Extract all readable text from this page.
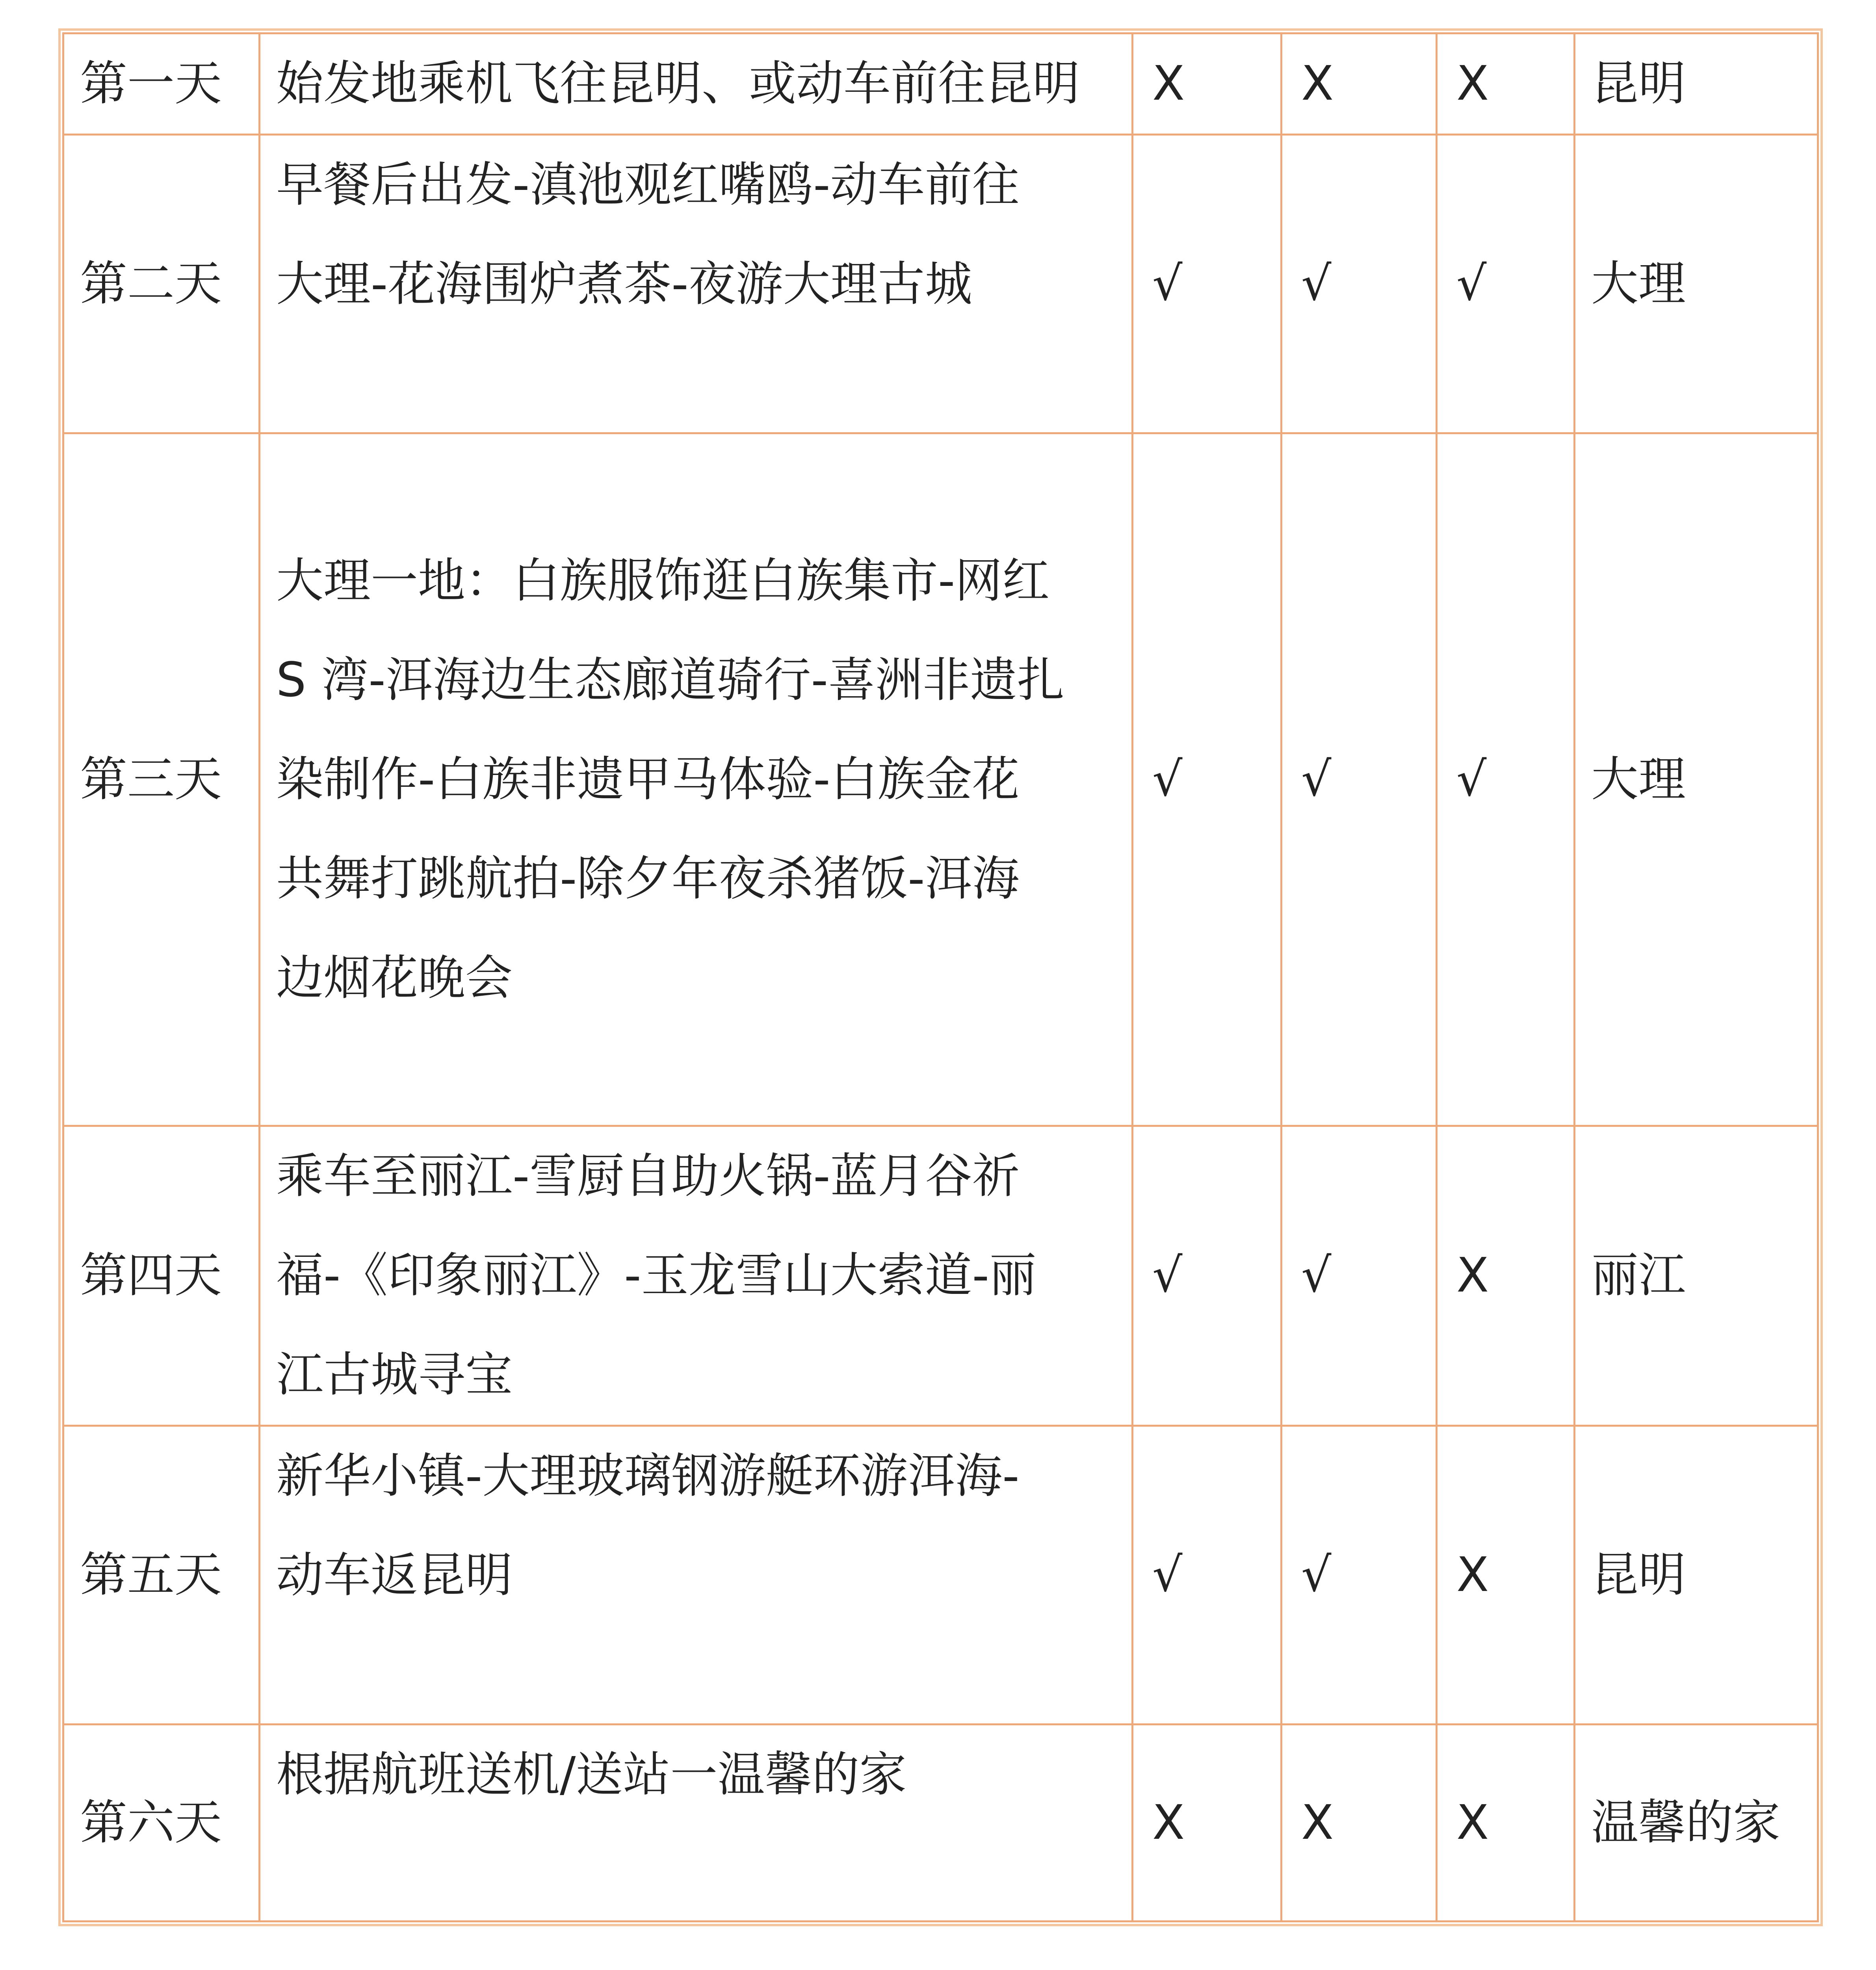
第一天	始发地乘机飞往昆明、或动车前往昆明	X	X	X	昆明
第二天	早餐后出发-滇池观红嘴鸥-动车前往
大理-花海围炉煮茶-夜游大理古城	√	√	√	大理
第三天	大理一地：白族服饰逛白族集市-网红
S 湾-洱海边生态廊道骑行-喜洲非遗扎
染制作-白族非遗甲马体验-白族金花
共舞打跳航拍-除夕年夜杀猪饭-洱海
边烟花晚会	√	√	√	大理
第四天	乘车至丽江-雪厨自助火锅-蓝月谷祈
福-《印象丽江》-玉龙雪山大索道-丽
江古城寻宝	√	√	X	丽江
第五天	新华小镇-大理玻璃钢游艇环游洱海-
动车返昆明	√	√	X	昆明
第六天	根据航班送机/送站一温馨的家	X	X	X	温馨的家
